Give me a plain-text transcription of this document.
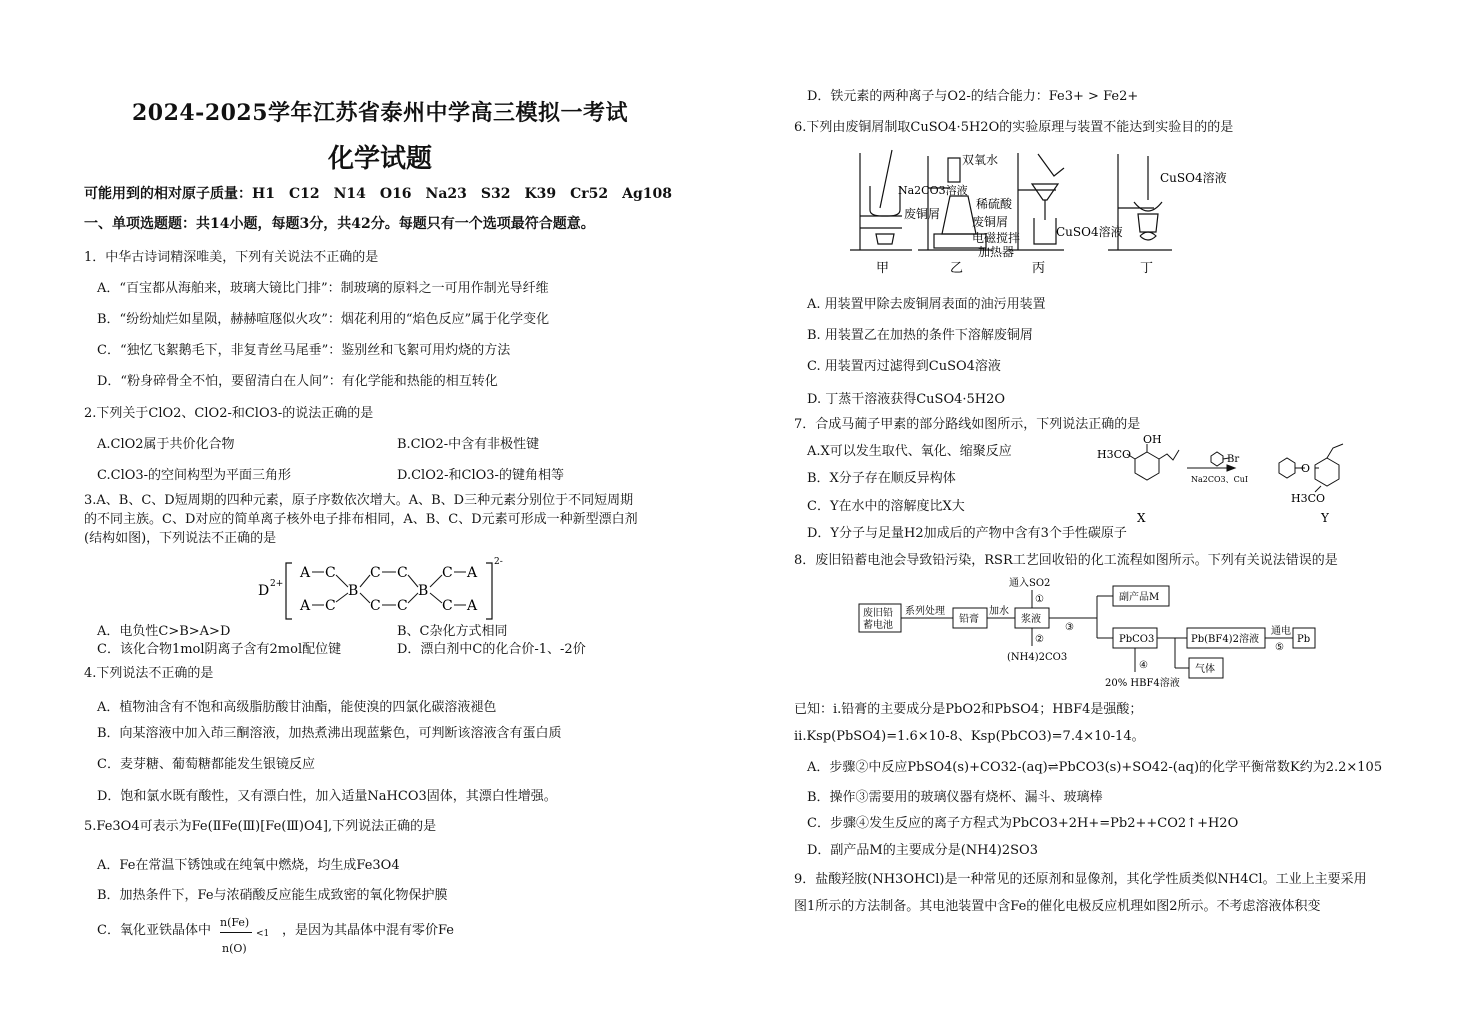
2024-2025学年江苏省泰州中学高三模拟一考试
化学试题
可能用到的相对原子质量：H1　C12　N14　O16　Na23　S32　K39　Cr52　Ag108
一、单项选题题：共14小题，每题3分，共42分。每题只有一个选项最符合题意。
1．中华古诗词精深唯美，下列有关说法不正确的是
A．“百宝都从海舶来，玻璃大镜比门排”：制玻璃的原料之一可用作制光导纤维
B．“纷纷灿烂如星陨，赫赫喧豗似火攻”：烟花利用的“焰色反应”属于化学变化
C．“独忆飞絮鹅毛下，非复青丝马尾垂”：鉴别丝和飞絮可用灼烧的方法
D．“粉身碎骨全不怕，要留清白在人间”：有化学能和热能的相互转化
2.下列关于ClO2、ClO2-和ClO3-的说法正确的是
A.ClO2属于共价化合物	B.ClO2-中含有非极性键
C.ClO3-的空间构型为平面三角形	D.ClO2-和ClO3-的键角相等
3.A、B、C、D短周期的四种元素，原子序数依次增大。A、B、D三种元素分别位于不同短周期
的不同主族。C、D对应的简单离子核外电子排布相同，A、B、C、D元素可形成一种新型漂白剂
(结构如图)，下列说法不正确的是
D 2+
2-
A C
A C
B
C C
C C
B
C A
C A
A．电负性C>B>A>D	B、C杂化方式相同
C．该化合物1mol阴离子含有2mol配位键	D．漂白剂中C的化合价-1、-2价
4.下列说法不正确的是
A．植物油含有不饱和高级脂肪酸甘油酯，能使溴的四氯化碳溶液褪色
B．向某溶液中加入茚三酮溶液，加热煮沸出现蓝紫色，可判断该溶液含有蛋白质
C．麦芽糖、葡萄糖都能发生银镜反应
D．饱和氯水既有酸性，又有漂白性，加入适量NaHCO3固体，其漂白性增强。
5.Fe3O4可表示为Fe(ⅡFe(Ⅲ)[Fe(Ⅲ)O4],下列说法正确的是
A．Fe在常温下锈蚀或在纯氧中燃烧，均生成Fe3O4
B．加热条件下，Fe与浓硝酸反应能生成致密的氧化物保护膜
C．氧化亚铁晶体中
n(Fe)
n(O)
<1 ，是因为其晶体中混有零价Fe
D．铁元素的两种离子与O2-的结合能力：Fe3+ > Fe2+
6.下列由废铜屑制取CuSO4·5H2O的实验原理与装置不能达到实验目的的是
Na2CO3溶液
废铜屑
双氧水
稀硫酸
废铜屑
电磁搅拌
加热器
CuSO4溶液
CuSO4溶液
甲	乙	丙	丁
A. 用装置甲除去废铜屑表面的油污用装置
B. 用装置乙在加热的条件下溶解废铜屑
C. 用装置丙过滤得到CuSO4溶液
D. 丁蒸干溶液获得CuSO4·5H2O
7．合成马蔺子甲素的部分路线如图所示，下列说法正确的是
A.X可以发生取代、氧化、缩聚反应
B．X分子存在顺反异构体
C．Y在水中的溶解度比X大
D．Y分子与足量H2加成后的产物中含有3个手性碳原子
OH
H3CO	Br
Na2CO3、CuI
O
H3CO
X	Y
8．废旧铅蓄电池会导致铅污染，RSR工艺回收铅的化工流程如图所示。下列有关说法错误的是
废旧铅
蓄电池
系列处理
铅膏
加水
浆液
通入SO2
①
②
(NH4)2CO3
③
副产品M
PbCO3	Pb(BF4)2溶液
通电
⑤
Pb
气体
④
20% HBF4溶液
已知：i.铅膏的主要成分是PbO2和PbSO4；HBF4是强酸；
ii.Ksp(PbSO4)=1.6×10-8、Ksp(PbCO3)=7.4×10-14。
A．步骤②中反应PbSO4(s)+CO32-(aq)⇌PbCO3(s)+SO42-(aq)的化学平衡常数K约为2.2×105
B．操作③需要用的玻璃仪器有烧杯、漏斗、玻璃棒
C．步骤④发生反应的离子方程式为PbCO3+2H+=Pb2++CO2↑+H2O
D．副产品M的主要成分是(NH4)2SO3
9．盐酸羟胺(NH3OHCl)是一种常见的还原剂和显像剂，其化学性质类似NH4Cl。工业上主要采用
图1所示的方法制备。其电池装置中含Fe的催化电极反应机理如图2所示。不考虑溶液体积变
